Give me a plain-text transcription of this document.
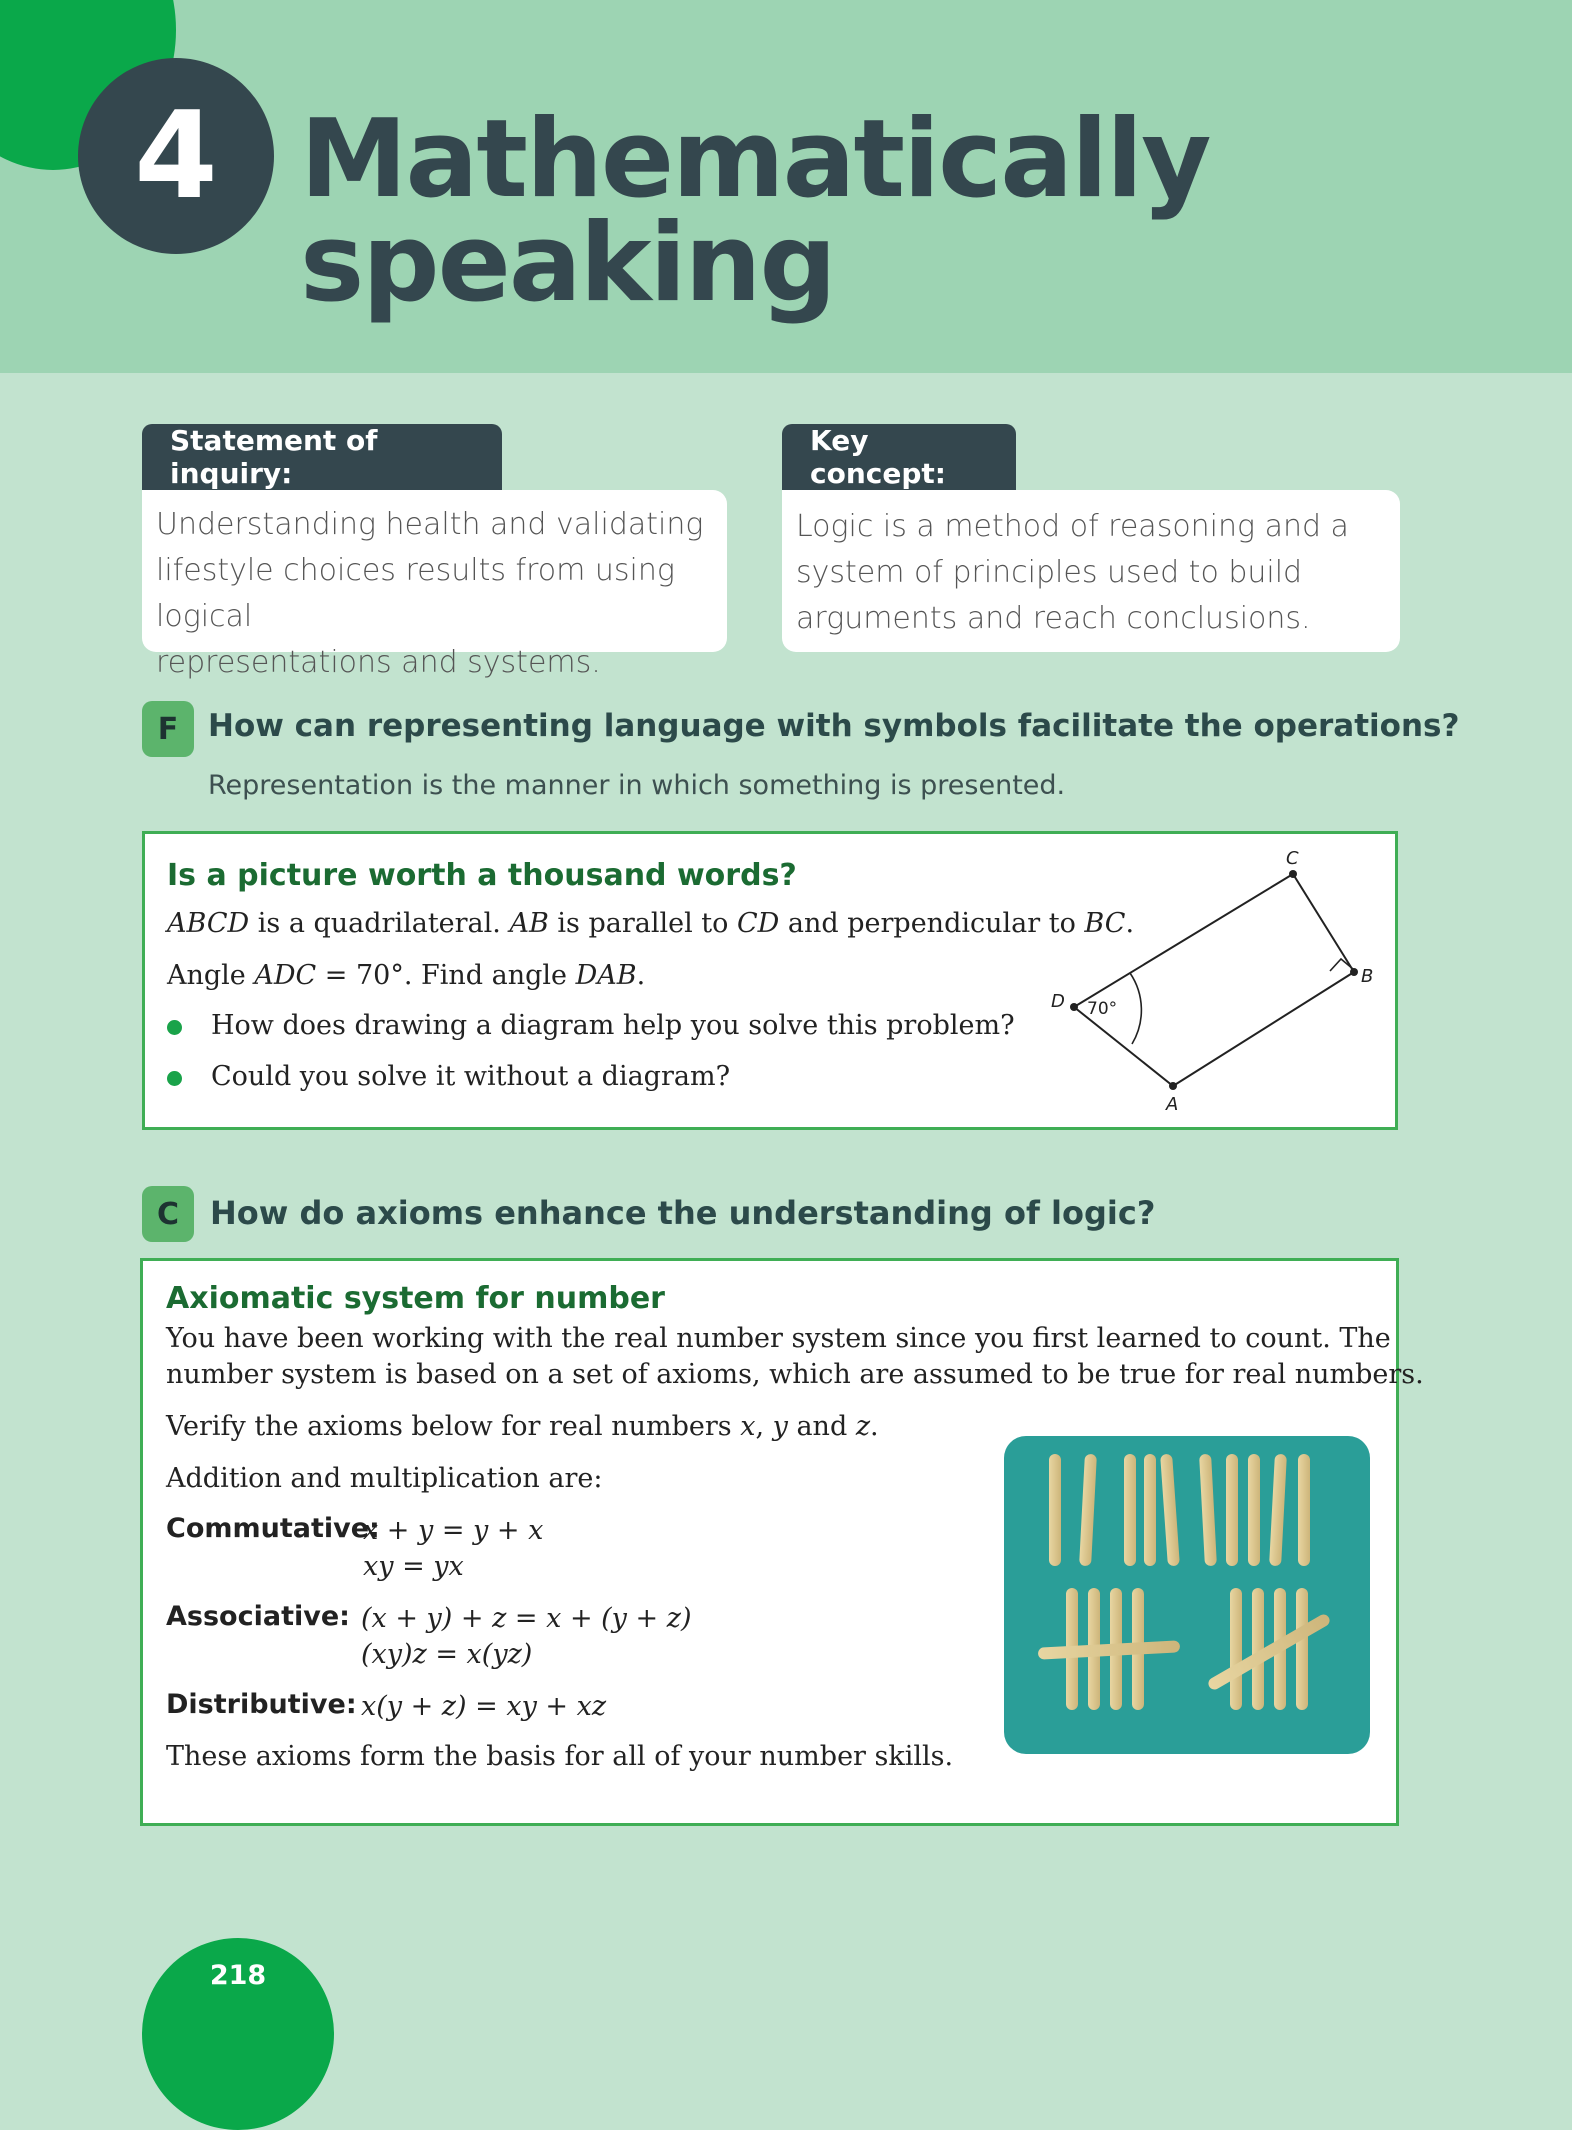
4 Mathematically
speaking
Statement of inquiry:
Understanding health and validating
lifestyle choices results from using logical
representations and systems.
Key concept:
Logic is a method of reasoning and a
system of principles used to build
arguments and reach conclusions.
F How can representing language with symbols facilitate the operations?

Representation is the manner in which something is presented.

Is a picture worth a thousand words?

ABCD is a quadrilateral. AB is parallel to CD and perpendicular to BC.

Angle ADC = 70°. Find angle DAB.

How does drawing a diagram help you solve this problem?

Could you solve it without a diagram?

C
B
A
D 70°
C How do axioms enhance the understanding of logic?

Axiomatic system for number

You have been working with the real number system since you first learned to count. The

number system is based on a set of axioms, which are assumed to be true for real numbers.

Verify the axioms below for real numbers x, y and z.

Addition and multiplication are:

Commutative:

x + y = y + x

xy = yx

Associative: (x + y) + z = x + (y + z)

(xy)z = x(yz)

Distributive: x(y + z) = xy + xz

These axioms form the basis for all of your number skills.

218
